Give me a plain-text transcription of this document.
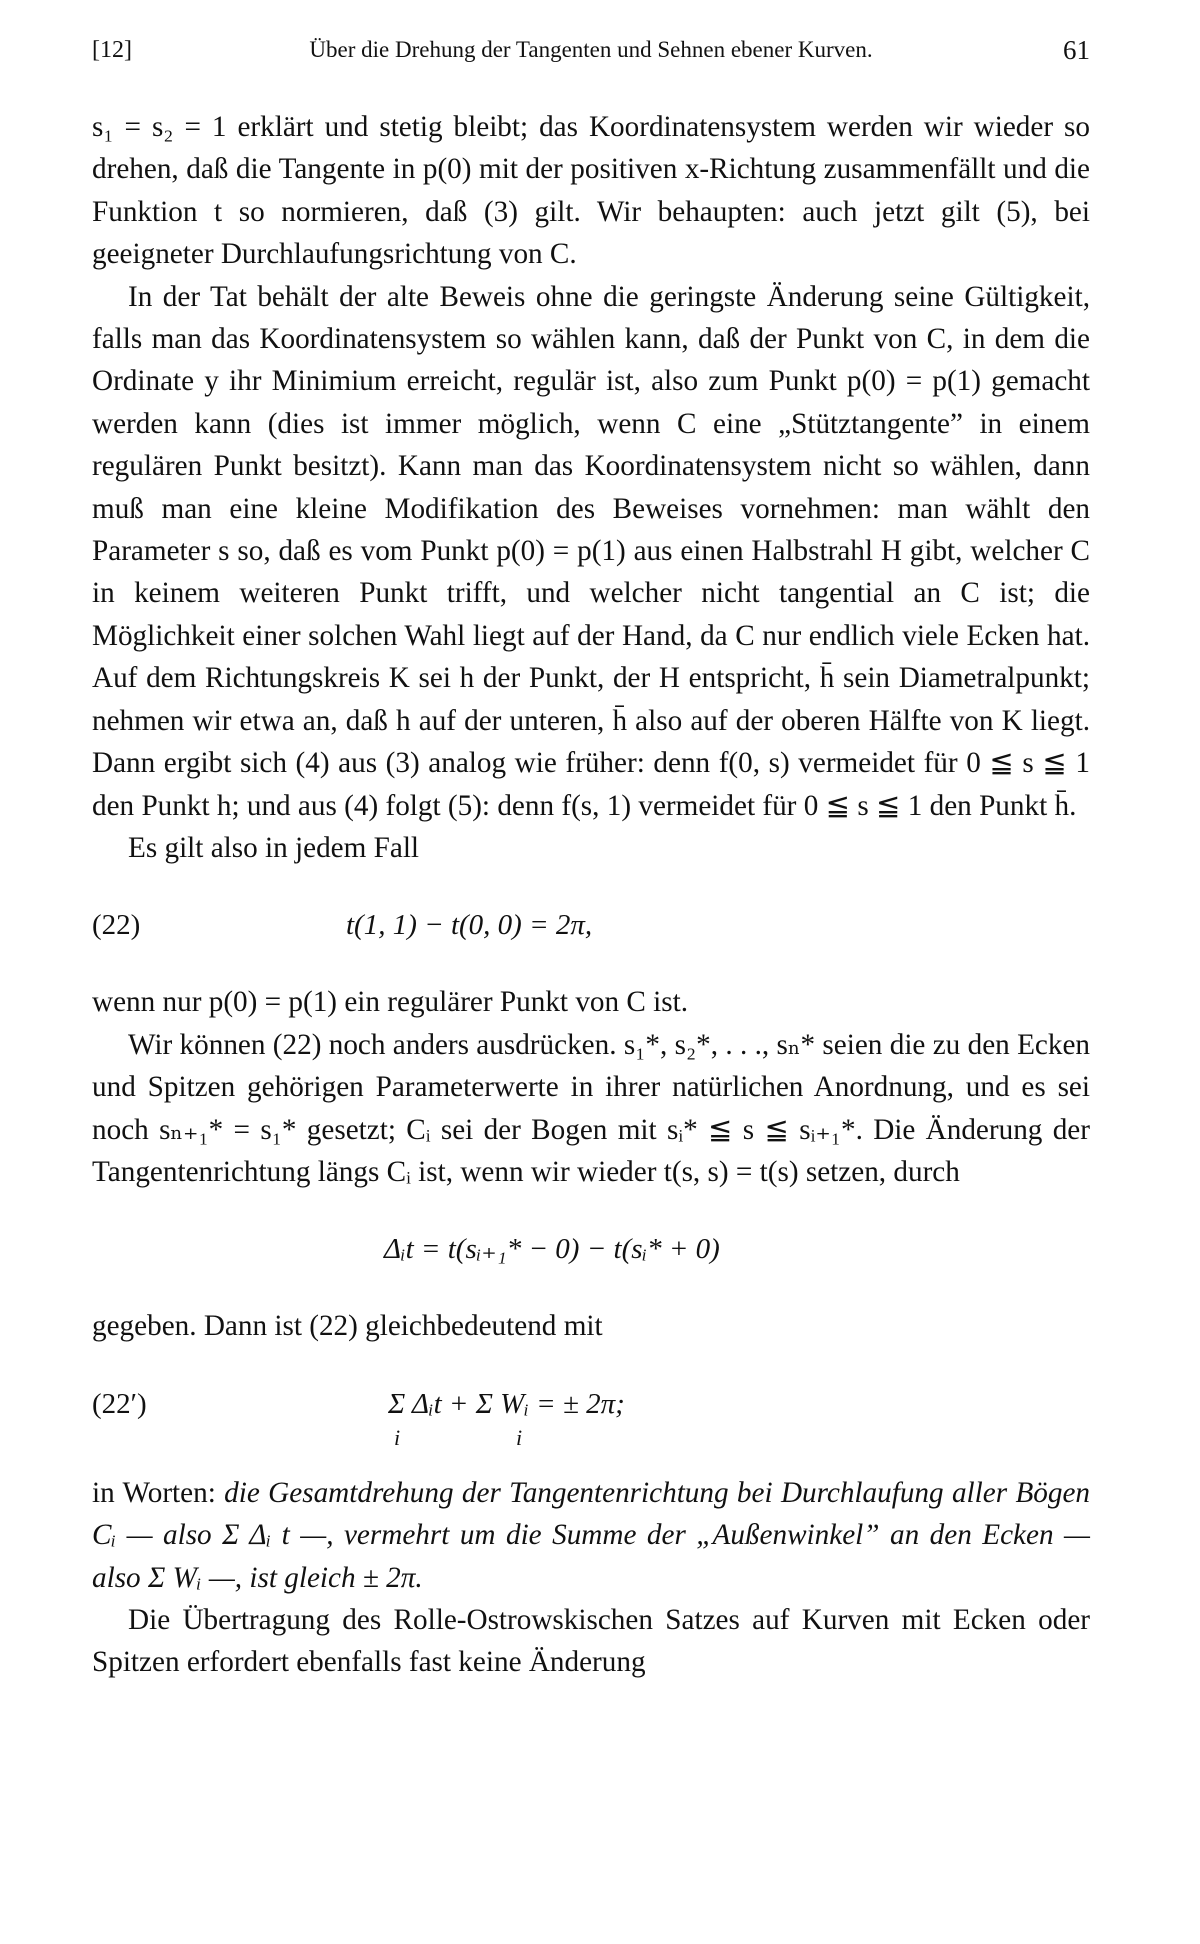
[12]	Über die Drehung der Tangenten und Sehnen ebener Kurven.	61

s₁ = s₂ = 1 erklärt und stetig bleibt; das Koordinatensystem werden wir wieder so drehen, daß die Tangente in p(0) mit der positiven x-Richtung zusammenfällt und die Funktion t so normieren, daß (3) gilt. Wir behaupten: auch jetzt gilt (5), bei geeigneter Durchlaufungsrichtung von C.

In der Tat behält der alte Beweis ohne die geringste Änderung seine Gültigkeit, falls man das Koordinatensystem so wählen kann, daß der Punkt von C, in dem die Ordinate y ihr Minimium erreicht, regulär ist, also zum Punkt p(0) = p(1) gemacht werden kann (dies ist immer möglich, wenn C eine „Stütztangente” in einem regulären Punkt besitzt). Kann man das Koordinatensystem nicht so wählen, dann muß man eine kleine Modifikation des Beweises vornehmen: man wählt den Parameter s so, daß es vom Punkt p(0) = p(1) aus einen Halbstrahl H gibt, welcher C in keinem weiteren Punkt trifft, und welcher nicht tangential an C ist; die Möglichkeit einer solchen Wahl liegt auf der Hand, da C nur endlich viele Ecken hat. Auf dem Richtungskreis K sei h der Punkt, der H entspricht, h̄ sein Diametralpunkt; nehmen wir etwa an, daß h auf der unteren, h̄ also auf der oberen Hälfte von K liegt. Dann ergibt sich (4) aus (3) analog wie früher: denn f(0, s) vermeidet für 0 ≦ s ≦ 1 den Punkt h; und aus (4) folgt (5): denn f(s, 1) vermeidet für 0 ≦ s ≦ 1 den Punkt h̄.

Es gilt also in jedem Fall

(22)	t(1, 1) − t(0, 0) = 2π,

wenn nur p(0) = p(1) ein regulärer Punkt von C ist.

Wir können (22) noch anders ausdrücken. s₁*, s₂*, . . ., sₙ* seien die zu den Ecken und Spitzen gehörigen Parameterwerte in ihrer natürlichen Anordnung, und es sei noch sₙ₊₁* = s₁* gesetzt; Cᵢ sei der Bogen mit sᵢ* ≦ s ≦ sᵢ₊₁*. Die Änderung der Tangentenrichtung längs Cᵢ ist, wenn wir wieder t(s, s) = t(s) setzen, durch

Δᵢt = t(sᵢ₊₁* − 0) − t(sᵢ* + 0)

gegeben. Dann ist (22) gleichbedeutend mit

(22′)	Σ Δᵢt + Σ Wᵢ = ± 2π;
i	i

in Worten: die Gesamtdrehung der Tangentenrichtung bei Durchlaufung aller Bögen Cᵢ — also Σ Δᵢ t —, vermehrt um die Summe der „Außenwinkel” an den Ecken — also Σ Wᵢ —, ist gleich ± 2π.

Die Übertragung des Rolle-Ostrowskischen Satzes auf Kurven mit Ecken oder Spitzen erfordert ebenfalls fast keine Änderung
